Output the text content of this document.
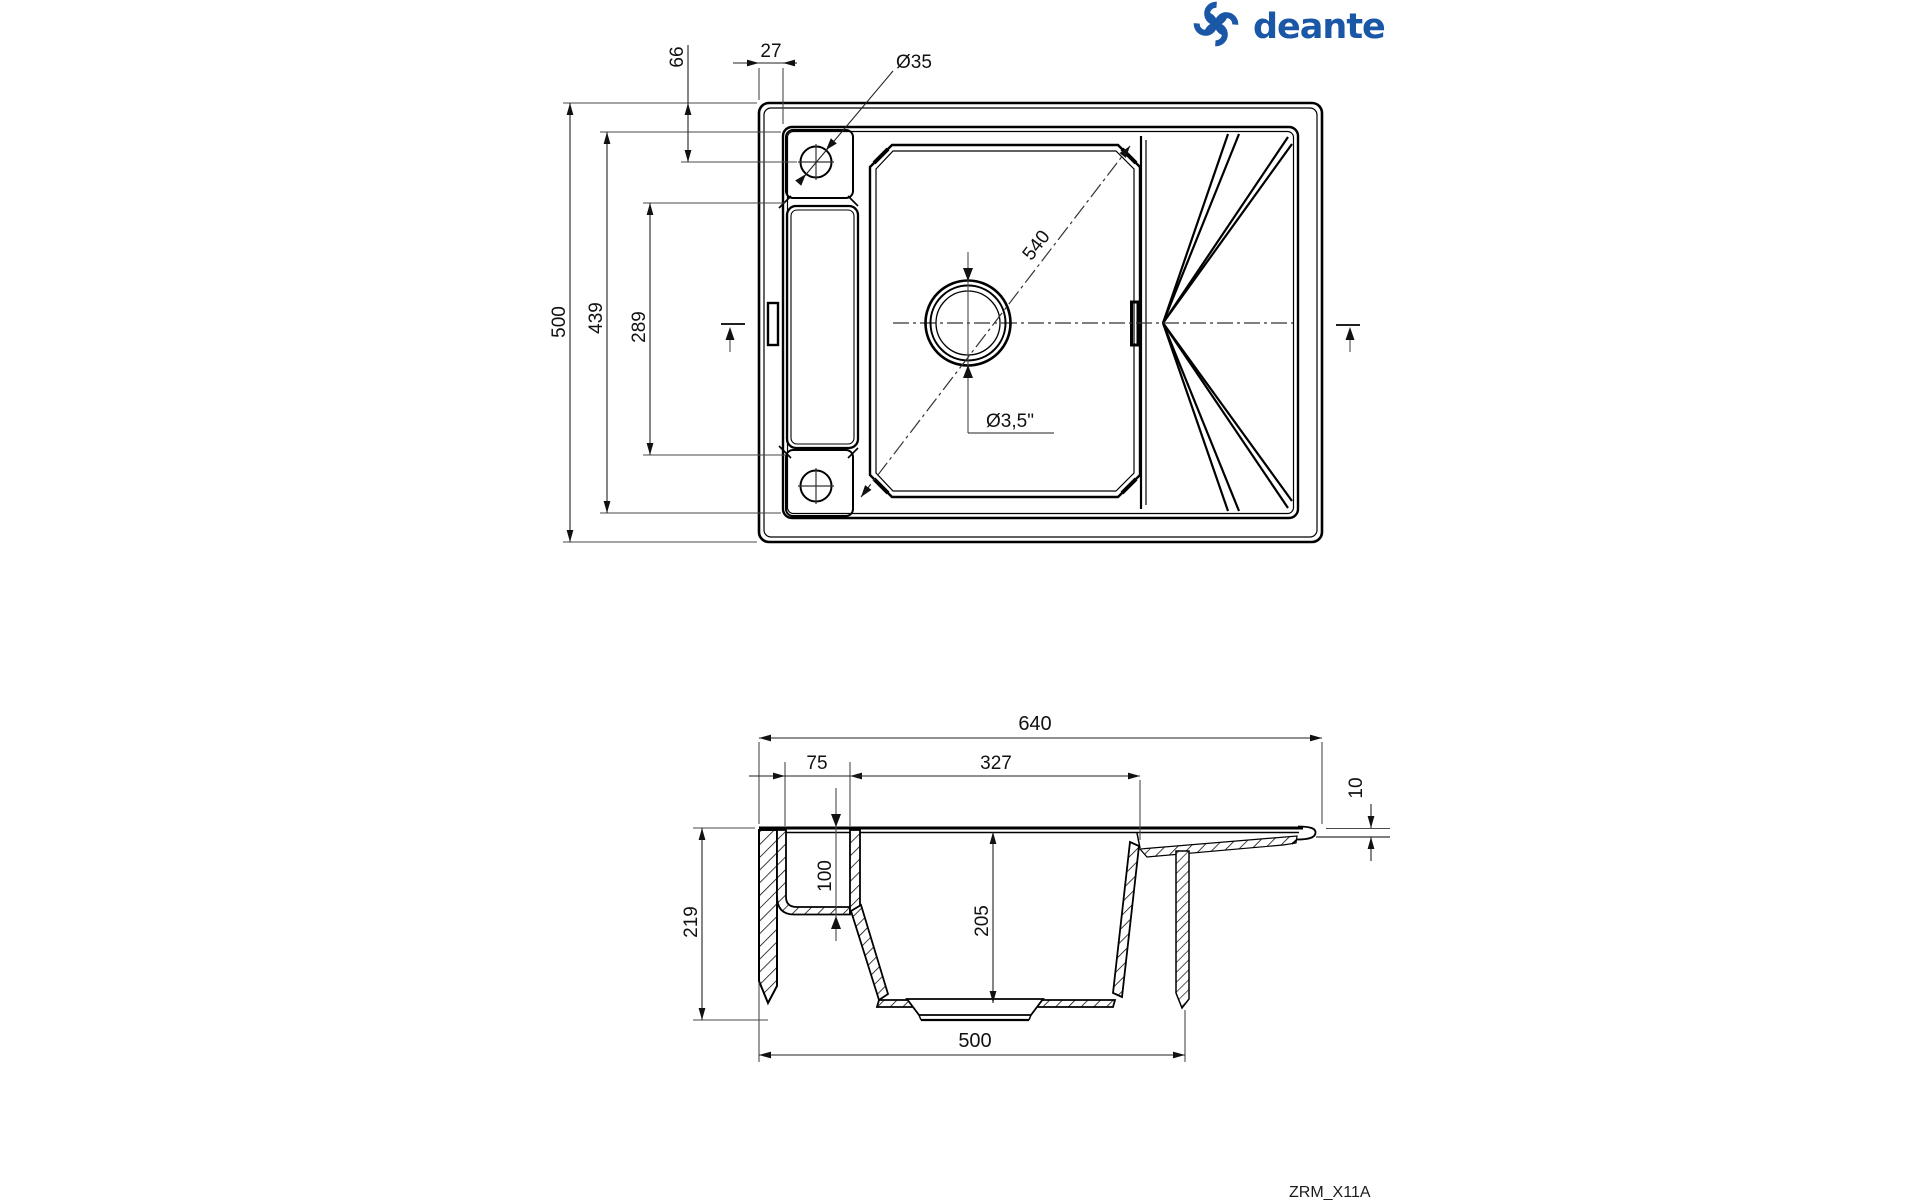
Ø3,5"
540
Ø35
500 439 289
66	27
640
75	327
10
100
205
219
500
deante
ZRM_X11A
